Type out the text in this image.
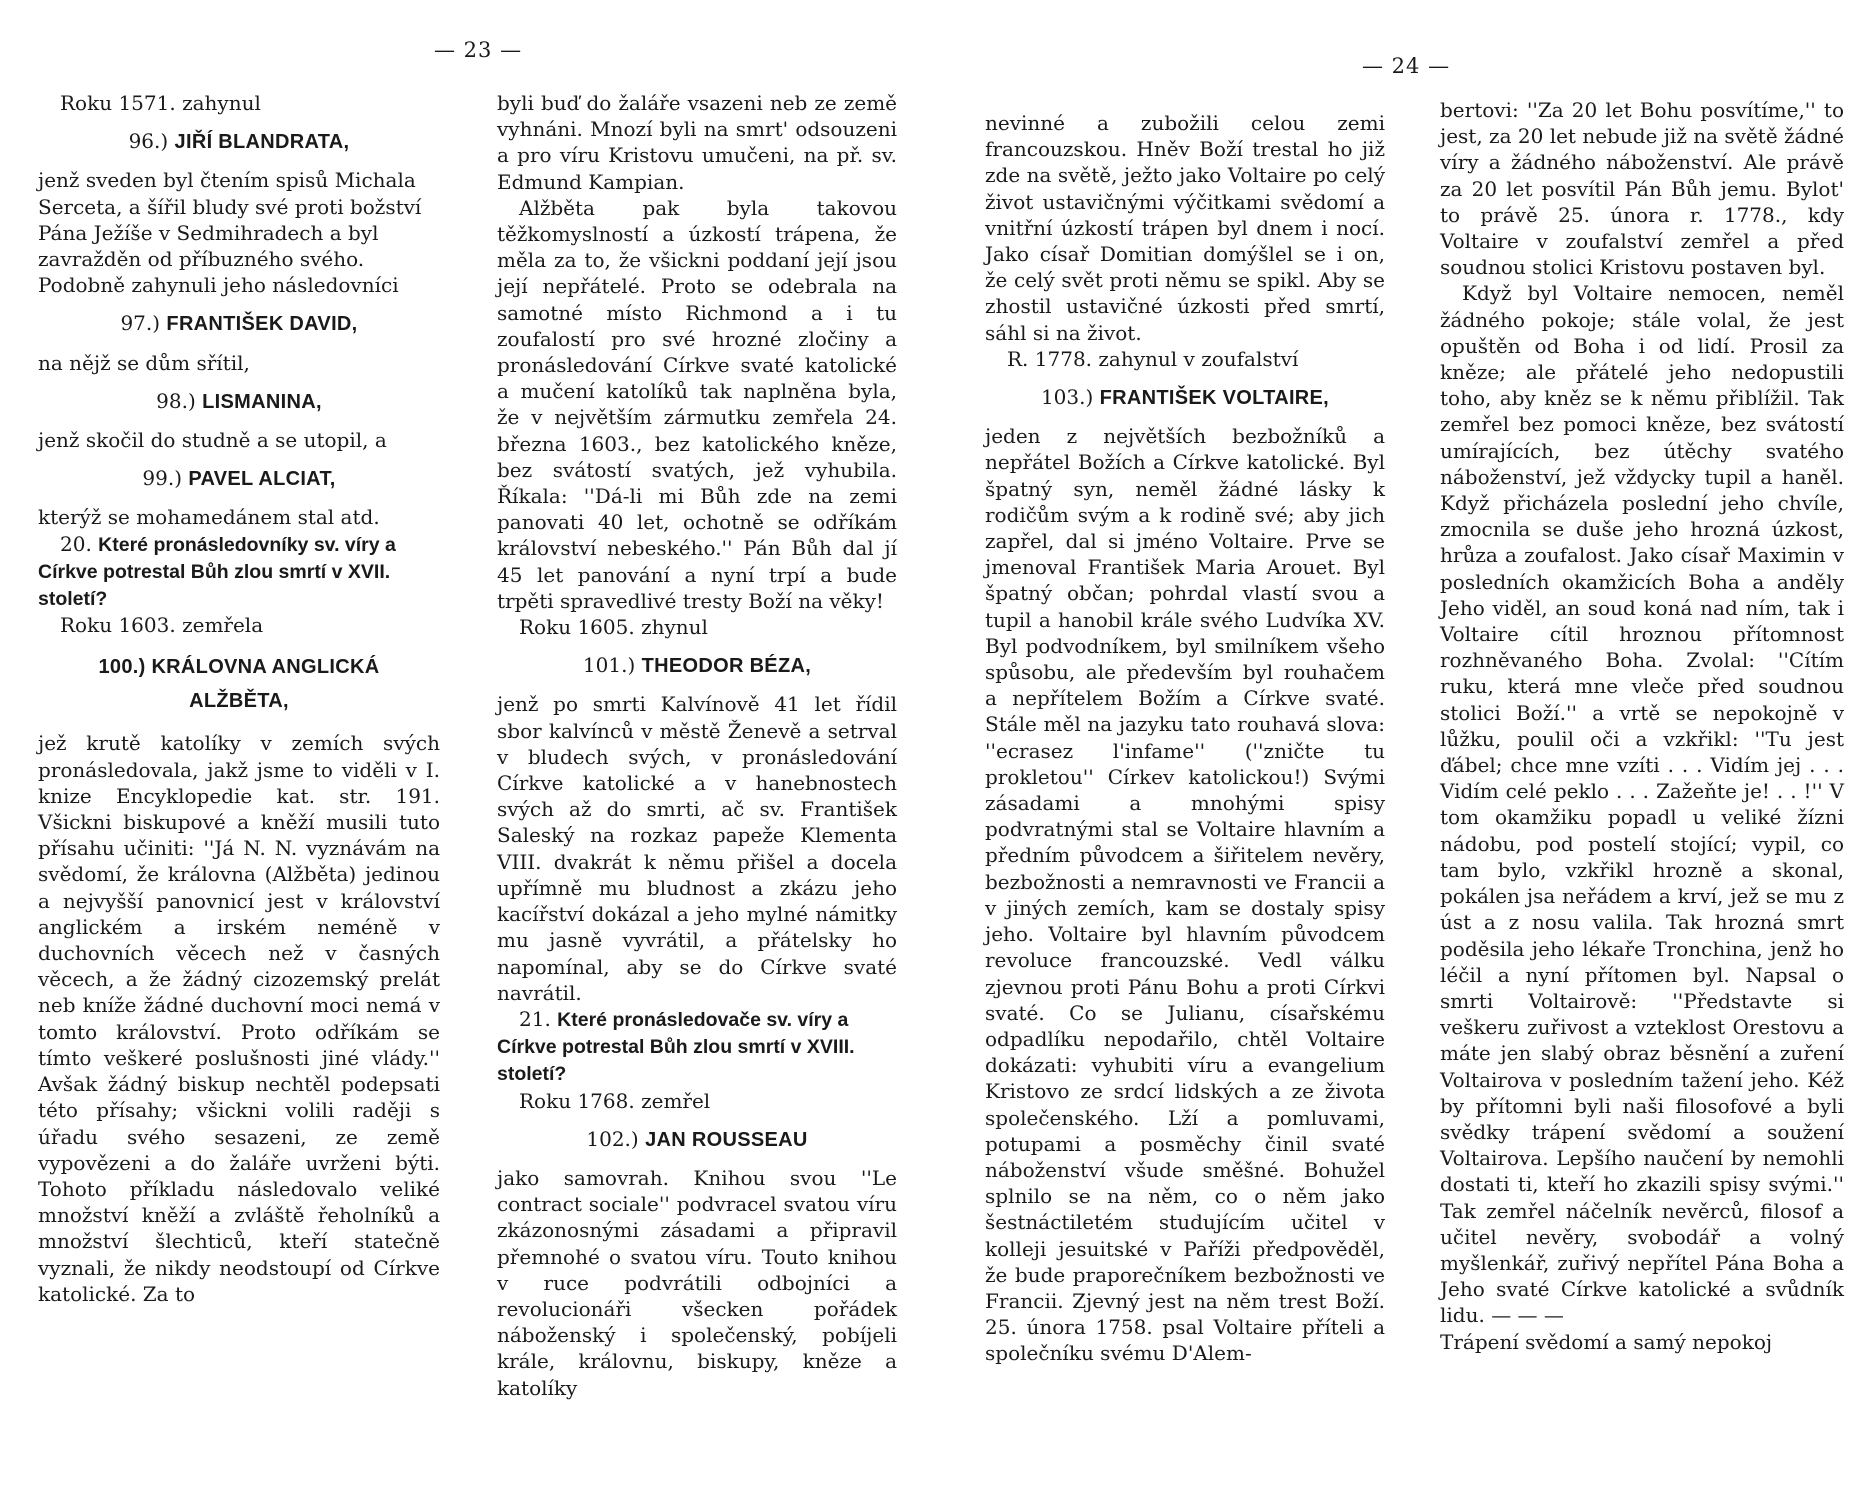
— 23 —
— 24 —

Roku 1571. zahynul

96.) JIŘÍ BLANDRATA,

jenž sveden byl čtením spisů Michala Serceta, a šířil bludy své proti božství Pána Ježíše v Sedmihradech a byl zavražděn od příbuzného svého. Podobně zahynuli jeho následovníci

97.) FRANTIŠEK DAVID,

na nějž se dům sřítil,

98.) LISMANINA,

jenž skočil do studně a se utopil, a

99.) PAVEL ALCIAT,

kterýž se mohamedánem stal atd.

20. Které pronásledovníky sv. víry a Církve potrestal Bůh zlou smrtí v XVII. století?

Roku 1603. zemřela

100.) KRÁLOVNA ANGLICKÁ
ALŽBĚTA,

jež krutě katolíky v zemích svých pronásledovala, jakž jsme to viděli v I. knize Encyklopedie kat. str. 191. Všickni biskupové a kněží musili tuto přísahu učiniti: ''Já N. N. vyznávám na svědomí, že královna (Alžběta) jedinou a nejvyšší panovnicí jest v království anglickém a irském neméně v duchovních věcech než v časných věcech, a že žádný cizozemský prelát neb kníže žádné duchovní moci nemá v tomto království. Proto odříkám se tímto veškeré poslušnosti jiné vlády.'' Avšak žádný biskup nechtěl podepsati této přísahy; všickni volili raději s úřadu svého sesazeni, ze země vypovězeni a do žaláře uvrženi býti. Tohoto příkladu následovalo veliké množství kněží a zvláště řeholníků a množství šlechticů, kteří statečně vyznali, že nikdy neodstoupí od Církve katolické. Za to

byli buď do žaláře vsazeni neb ze země vyhnáni. Mnozí byli na smrt' odsouzeni a pro víru Kristovu umučeni, na př. sv. Edmund Kampian.

Alžběta pak byla takovou těžkomyslností a úzkostí trápena, že měla za to, že všickni poddaní její jsou její nepřátelé. Proto se odebrala na samotné místo Richmond a i tu zoufalostí pro své hrozné zločiny a pronásledování Církve svaté katolické a mučení katolíků tak naplněna byla, že v největším zármutku zemřela 24. března 1603., bez katolického kněze, bez svátostí svatých, jež vyhubila. Říkala: ''Dá-li mi Bůh zde na zemi panovati 40 let, ochotně se odříkám království nebeského.'' Pán Bůh dal jí 45 let panování a nyní trpí a bude trpěti spravedlivé tresty Boží na věky!

Roku 1605. zhynul

101.) THEODOR BÉZA,

jenž po smrti Kalvínově 41 let řídil sbor kalvínců v městě Ženevě a setrval v bludech svých, v pronásledování Církve katolické a v hanebnostech svých až do smrti, ač sv. František Saleský na rozkaz papeže Klementa VIII. dvakrát k němu přišel a docela upřímně mu bludnost a zkázu jeho kacířství dokázal a jeho mylné námitky mu jasně vyvrátil, a přátelsky ho napomínal, aby se do Církve svaté navrátil.

21. Které pronásledovače sv. víry a Církve potrestal Bůh zlou smrtí v XVIII. století?

Roku 1768. zemřel

102.) JAN ROUSSEAU

jako samovrah. Knihou svou ''Le contract sociale'' podvracel svatou víru zkázonosnými zásadami a připravil přemnohé o svatou víru. Touto knihou v ruce podvrátili odbojníci a revolucionáři všecken pořádek náboženský i společenský, pobíjeli krále, královnu, biskupy, kněze a katolíky

nevinné a zubožili celou zemi francouzskou. Hněv Boží trestal ho již zde na světě, ježto jako Voltaire po celý život ustavičnými výčitkami svědomí a vnitřní úzkostí trápen byl dnem i nocí. Jako císař Domitian domýšlel se i on, že celý svět proti němu se spikl. Aby se zhostil ustavičné úzkosti před smrtí, sáhl si na život.

R. 1778. zahynul v zoufalství

103.) FRANTIŠEK VOLTAIRE,

jeden z největších bezbožníků a nepřátel Božích a Církve katolické. Byl špatný syn, neměl žádné lásky k rodičům svým a k rodině své; aby jich zapřel, dal si jméno Voltaire. Prve se jmenoval František Maria Arouet. Byl špatný občan; pohrdal vlastí svou a tupil a hanobil krále svého Ludvíka XV. Byl podvodníkem, byl smilníkem všeho spůsobu, ale především byl rouhačem a nepřítelem Božím a Církve svaté. Stále měl na jazyku tato rouhavá slova: ''ecrasez l'infame'' (''zničte tu prokletou'' Církev katolickou!) Svými zásadami a mnohými spisy podvratnými stal se Voltaire hlavním a předním původcem a šiřitelem nevěry, bezbožnosti a nemravnosti ve Francii a v jiných zemích, kam se dostaly spisy jeho. Voltaire byl hlavním původcem revoluce francouzské. Vedl válku zjevnou proti Pánu Bohu a proti Církvi svaté. Co se Julianu, císařskému odpadlíku nepodařilo, chtěl Voltaire dokázati: vyhubiti víru a evangelium Kristovo ze srdcí lidských a ze života společenského. Lží a pomluvami, potupami a posměchy činil svaté náboženství všude směšné. Bohužel splnilo se na něm, co o něm jako šestnáctiletém studujícím učitel v kolleji jesuitské v Paříži předpověděl, že bude praporečníkem bezbožnosti ve Francii. Zjevný jest na něm trest Boží. 25. února 1758. psal Voltaire příteli a společníku svému D'Alem-

bertovi: ''Za 20 let Bohu posvítíme,'' to jest, za 20 let nebude již na světě žádné víry a žádného náboženství. Ale právě za 20 let posvítil Pán Bůh jemu. Bylot' to právě 25. února r. 1778., kdy Voltaire v zoufalství zemřel a před soudnou stolici Kristovu postaven byl.

Když byl Voltaire nemocen, neměl žádného pokoje; stále volal, že jest opuštěn od Boha i od lidí. Prosil za kněze; ale přátelé jeho nedopustili toho, aby kněz se k němu přiblížil. Tak zemřel bez pomoci kněze, bez svátostí umírajících, bez útěchy svatého náboženství, jež vždycky tupil a haněl. Když přicházela poslední jeho chvíle, zmocnila se duše jeho hrozná úzkost, hrůza a zoufalost. Jako císař Maximin v posledních okamžicích Boha a anděly Jeho viděl, an soud koná nad ním, tak i Voltaire cítil hroznou přítomnost rozhněvaného Boha. Zvolal: ''Cítím ruku, která mne vleče před soudnou stolici Boží.'' a vrtě se nepokojně v lůžku, poulil oči a vzkřikl: ''Tu jest ďábel; chce mne vzíti . . . Vidím jej . . . Vidím celé peklo . . . Zažeňte je! . . !'' V tom okamžiku popadl u veliké žízni nádobu, pod postelí stojící; vypil, co tam bylo, vzkřikl hrozně a skonal, pokálen jsa neřádem a krví, jež se mu z úst a z nosu valila. Tak hrozná smrt poděsila jeho lékaře Tronchina, jenž ho léčil a nyní přítomen byl. Napsal o smrti Voltairově: ''Představte si veškeru zuřivost a vzteklost Orestovu a máte jen slabý obraz běsnění a zuření Voltairova v posledním tažení jeho. Kéž by přítomni byli naši filosofové a byli svědky trápení svědomí a soužení Voltairova. Lepšího naučení by nemohli dostati ti, kteří ho zkazili spisy svými.'' Tak zemřel náčelník nevěrců, filosof a učitel nevěry, svobodář a volný myšlenkář, zuřivý nepřítel Pána Boha a Jeho svaté Církve katolické a svůdník lidu. — — —

Trápení svědomí a samý nepokoj
